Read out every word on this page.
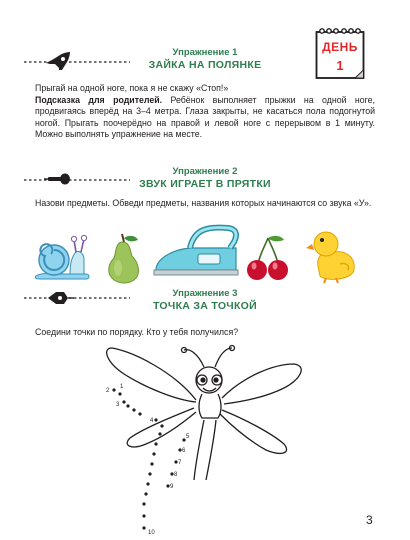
ДЕНЬ
1
Упражнение 1
ЗАЙКА НА ПОЛЯНКЕ
Прыгай на одной ноге, пока я не скажу «Стоп!»
Подсказка для родителей. Ребёнок выполняет прыжки на одной ноге, продвигаясь вперёд на 3–4 метра. Глаза закрыты, не касаться пола подогнутой ногой. Прыгать поочерёдно на правой и левой ноге с перерывом в 1 минуту. Можно выполнять упражнение на месте.
Упражнение 2
ЗВУК ИГРАЕТ В ПРЯТКИ
Назови предметы. Обведи предметы, названия которых начинаются со звука «У».
Упражнение 3
ТОЧКА ЗА ТОЧКОЙ
Соедини точки по порядку. Кто у тебя получился?
2
1
3
4
5
6
7
8
9
10
3
